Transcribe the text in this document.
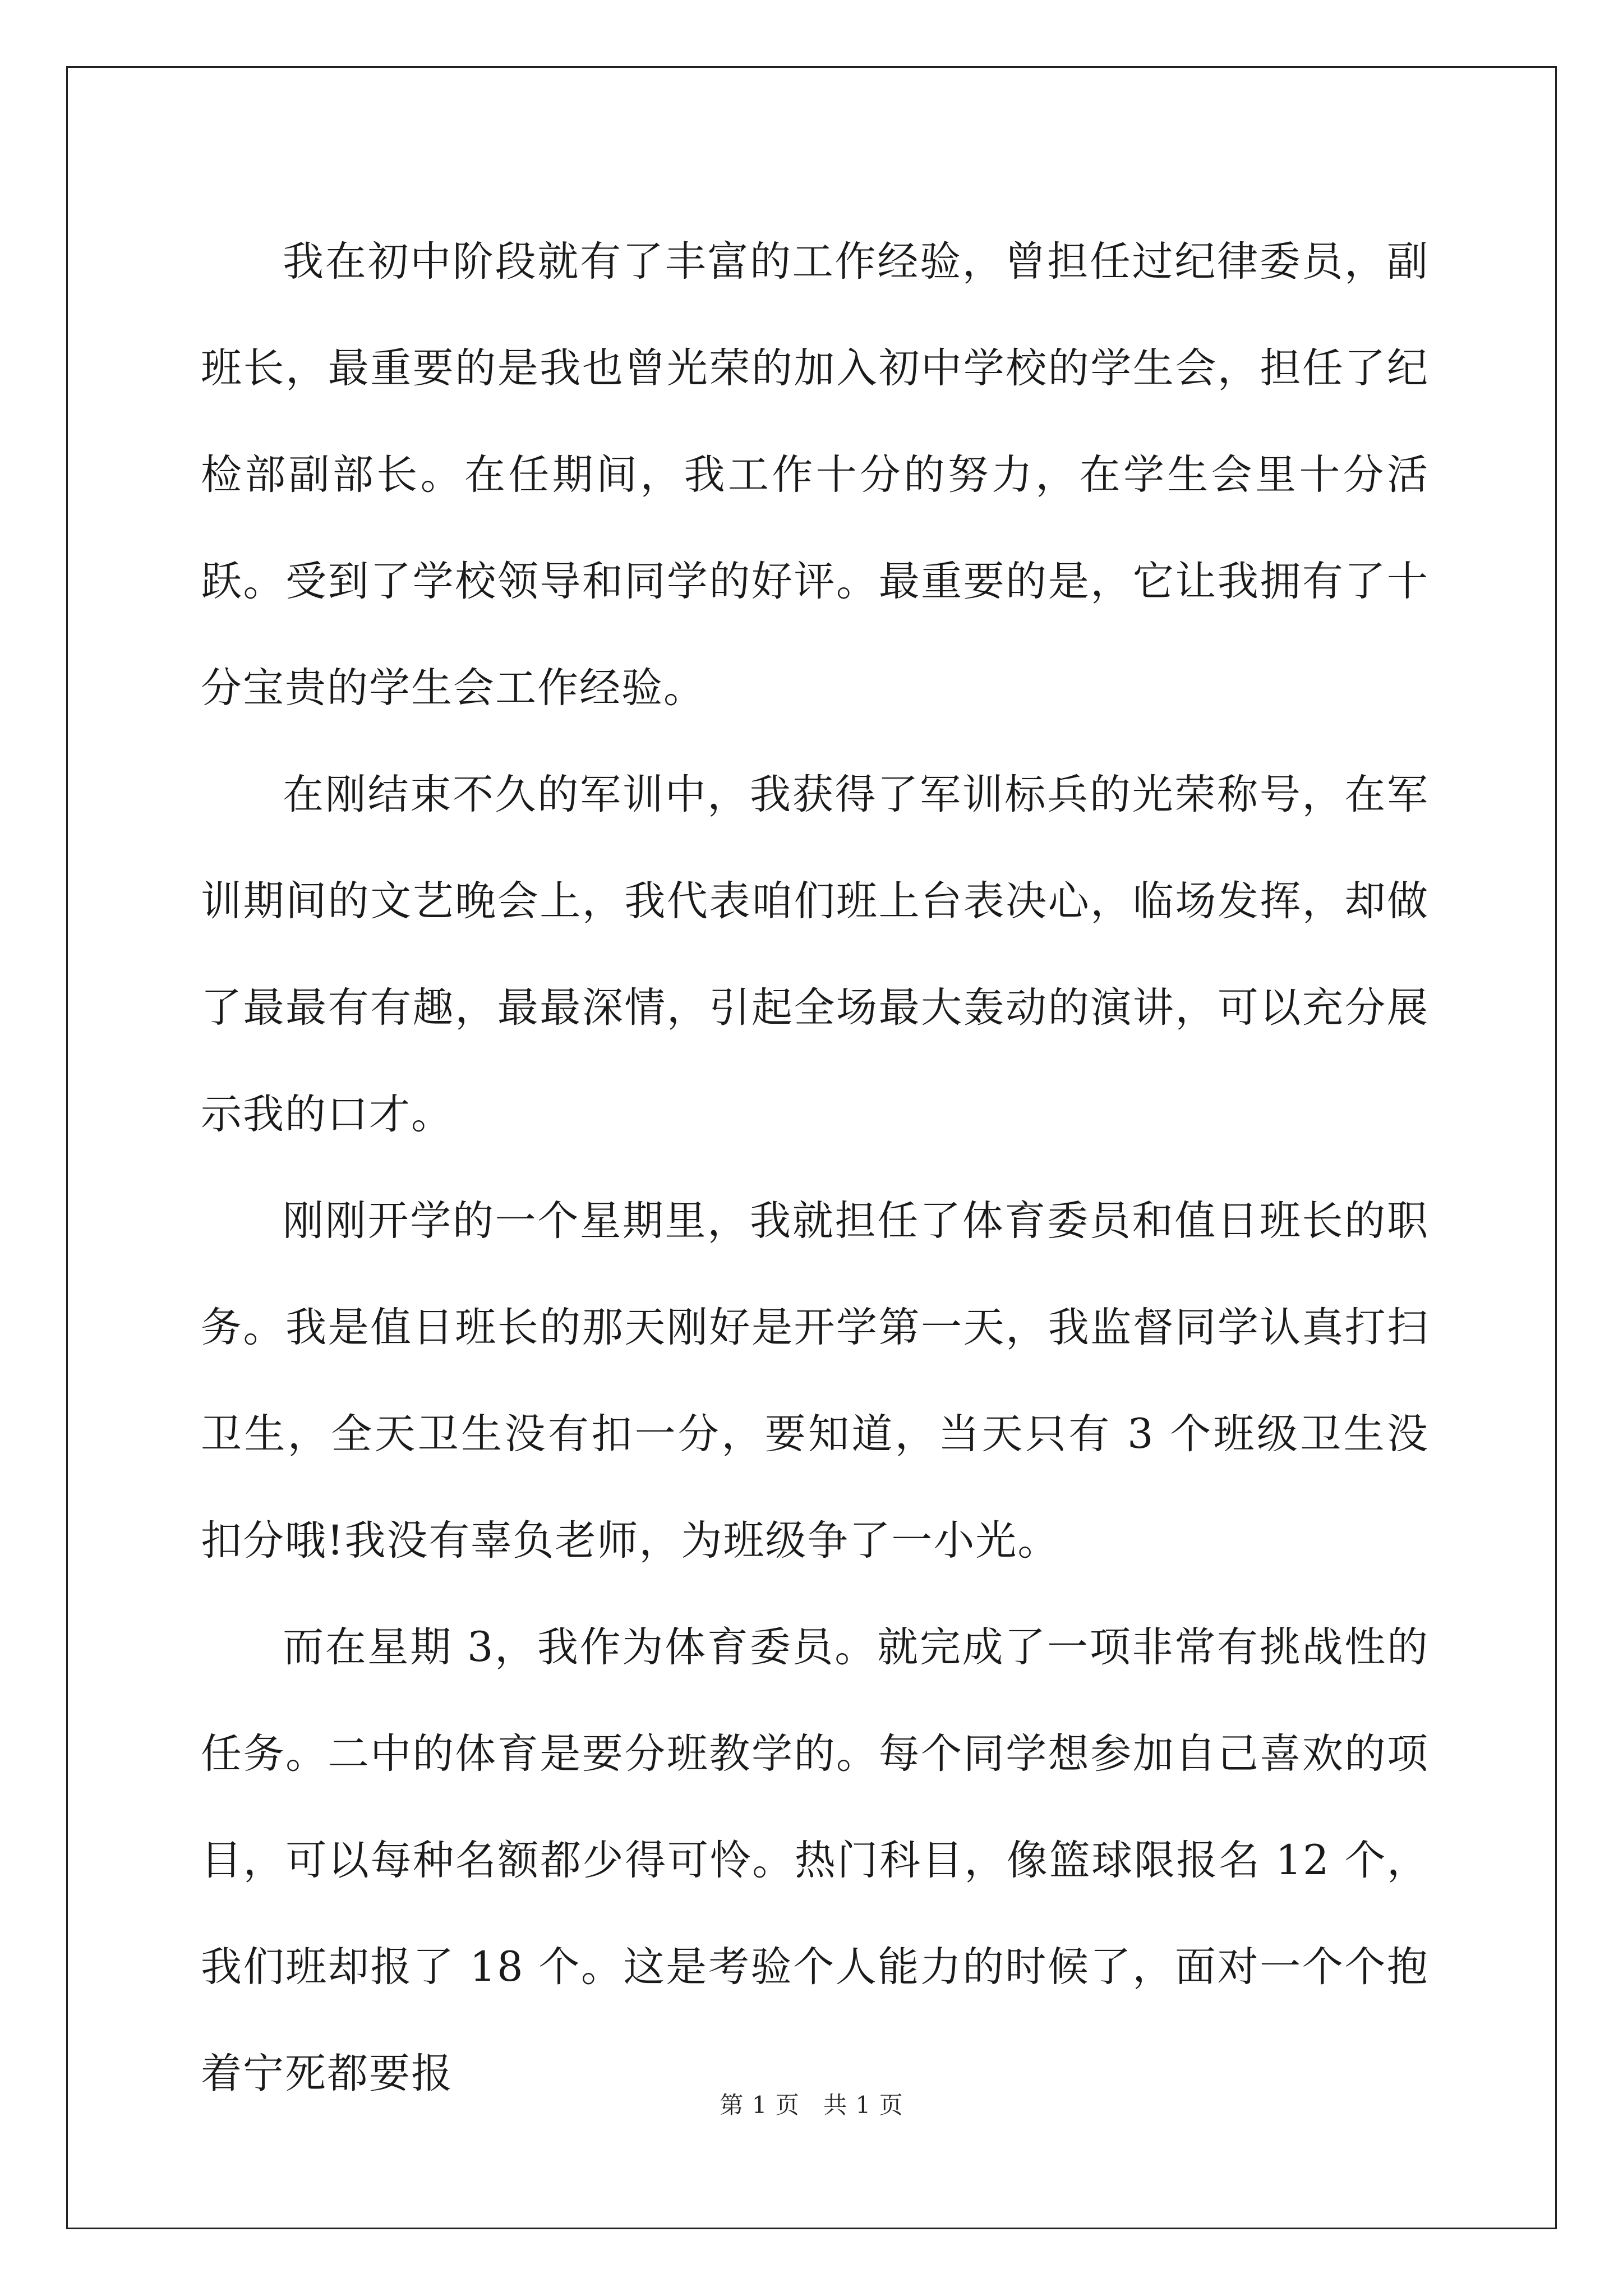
我在初中阶段就有了丰富的工作经验，曾担任过纪律委员，副班长，最重要的是我也曾光荣的加入初中学校的学生会，担任了纪检部副部长。在任期间，我工作十分的努力，在学生会里十分活跃。受到了学校领导和同学的好评。最重要的是，它让我拥有了十分宝贵的学生会工作经验。

在刚结束不久的军训中，我获得了军训标兵的光荣称号，在军训期间的文艺晚会上，我代表咱们班上台表决心，临场发挥，却做了最最有有趣，最最深情，引起全场最大轰动的演讲，可以充分展示我的口才。

刚刚开学的一个星期里，我就担任了体育委员和值日班长的职务。我是值日班长的那天刚好是开学第一天，我监督同学认真打扫卫生，全天卫生没有扣一分，要知道，当天只有 3 个班级卫生没扣分哦!我没有辜负老师，为班级争了一小光。

而在星期 3，我作为体育委员。就完成了一项非常有挑战性的任务。二中的体育是要分班教学的。每个同学想参加自己喜欢的项目，可以每种名额都少得可怜。热门科目，像篮球限报名 12 个，我们班却报了 18 个。这是考验个人能力的时候了，面对一个个抱着宁死都要报

第 1 页 共 1 页
